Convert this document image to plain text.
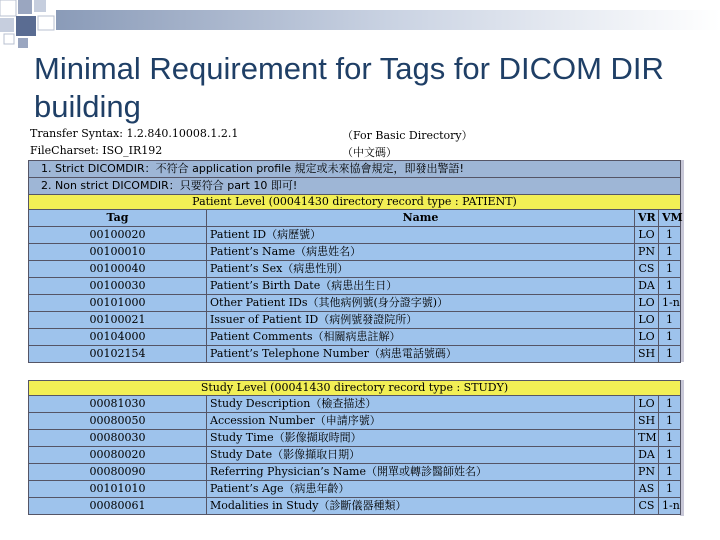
Minimal Requirement for Tags for DICOM DIR building
Transfer Syntax: 1.2.840.10008.1.2.1	（For Basic Directory）
FileCharset: ISO_IR192	（中文碼）
1. Strict DICOMDIR：不符合 application profile 規定或未來協會規定，即發出警語!			
2. Non strict DICOMDIR：只要符合 part 10 即可!			
Patient Level (00041430 directory record type : PATIENT)			
Tag	Name	VR	VM
00100020	Patient ID（病歷號）	LO	1
00100010	Patient’s Name（病患姓名）	PN	1
00100040	Patient’s Sex（病患性別）	CS	1
00100030	Patient’s Birth Date（病患出生日）	DA	1
00101000	Other Patient IDs（其他病例號(身分證字號)）	LO	1-n
00100021	Issuer of Patient ID（病例號發證院所）	LO	1
00104000	Patient Comments（相關病患註解）	LO	1
00102154	Patient’s Telephone Number（病患電話號碼）	SH	1
Study Level (00041430 directory record type : STUDY)			
00081030	Study Description（檢查描述）	LO	1
00080050	Accession Number（申請序號）	SH	1
00080030	Study Time（影像擷取時間）	TM	1
00080020	Study Date（影像擷取日期）	DA	1
00080090	Referring Physician’s Name（開單或轉診醫師姓名）	PN	1
00101010	Patient’s Age（病患年齡）	AS	1
00080061	Modalities in Study（診斷儀器種類）	CS	1-n
